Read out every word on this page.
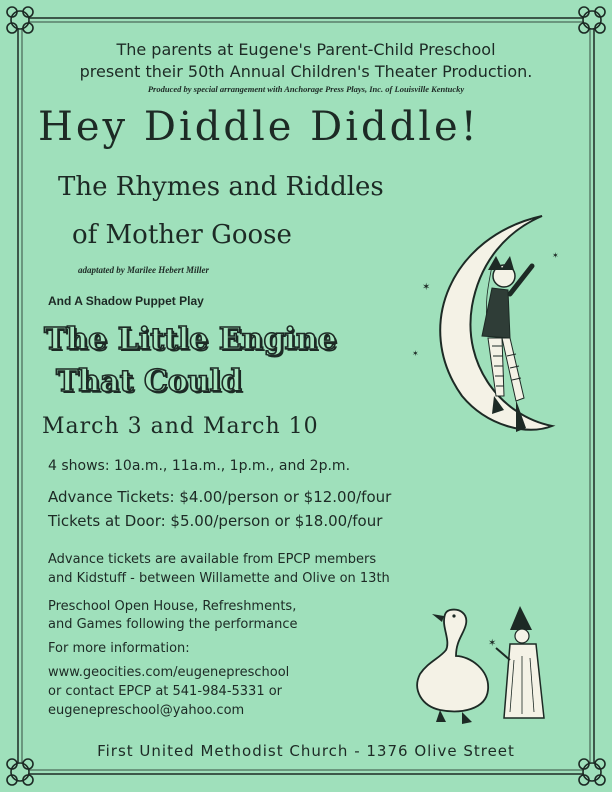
The parents at Eugene's Parent-Child Preschool
present their 50th Annual Children's Theater Production.
Produced by special arrangement with Anchorage Press Plays, Inc. of Louisville Kentucky
Hey Diddle Diddle!
The Rhymes and Riddles
of Mother Goose
adaptated by Marilee Hebert Miller
✶
✶
✶
And A Shadow Puppet Play
The Little Engine
That Could
March 3 and March 10
4 shows: 10a.m., 11a.m., 1p.m., and 2p.m.
Advance Tickets: $4.00/person or $12.00/four
Tickets at Door: $5.00/person or $18.00/four
Advance tickets are available from EPCP members
and Kidstuff - between Willamette and Olive on 13th
Preschool Open House, Refreshments,
and Games following the performance
For more information:
www.geocities.com/eugenepreschool
or contact EPCP at 541-984-5331 or
eugenepreschool@yahoo.com
✶
First United Methodist Church - 1376 Olive Street
